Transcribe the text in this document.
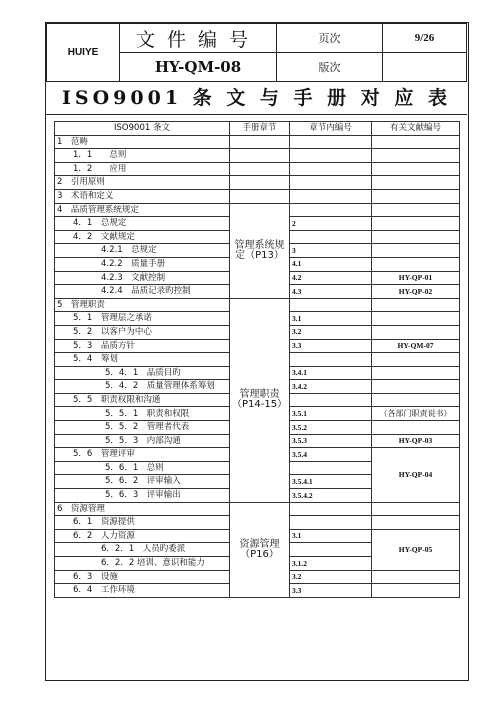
HUIYE	文件编号	页次	9/26
	HY-QM-08	版次	
ISO9001 条 文 与 手 册 对 应 表
ISO9001 条文	手册章节	章节内编号	有关文献编号
1　范畴			
1．1　　总则			
1．2　　应用			
2　引用原则			
3　术语和定义			
4　品质管理系统规定	管理系统规定（P13）		
4．1　总规定		2	
4．2　文献规定			
4.2.1　总规定		3	
4.2.2　质量手册		4.1	
4.2.3　文献控制		4.2	HY-QP-01
4.2.4　品质记录旳控制		4.3	HY-QP-02
5　管理职责	管理职责（P14-15）		
5．1　管理层之承诺		3.1	
5．2　以客户为中心		3.2	
5．3　品质方针		3.3	HY-QM-07
5．4　筹划			
5．4．1　品质目旳		3.4.1	
5．4．2　质量管理体系筹划		3.4.2	
5．5　职责权限和沟通			
5．5．1　职责和权限		3.5.1	（各部门职责说书）
5．5．2　管理者代表		3.5.2	
5．5．3　内部沟通		3.5.3	HY-QP-03
5．6　管理评审		3.5.4	HY-QP-04
5．6．1　总则			
5．6．2　评审输入		3.5.4.1	
5．6．3　评审输出		3.5.4.2	
6　资源管理	资源管理（P16）		
6．1　资源提供			
6．2　人力资源		3.1	HY-QP-05
6．2．1　人员旳委派			
6．2．2 培训、意识和能力		3.1.2	
6．3　设施		3.2	
6．4　工作环境		3.3	
